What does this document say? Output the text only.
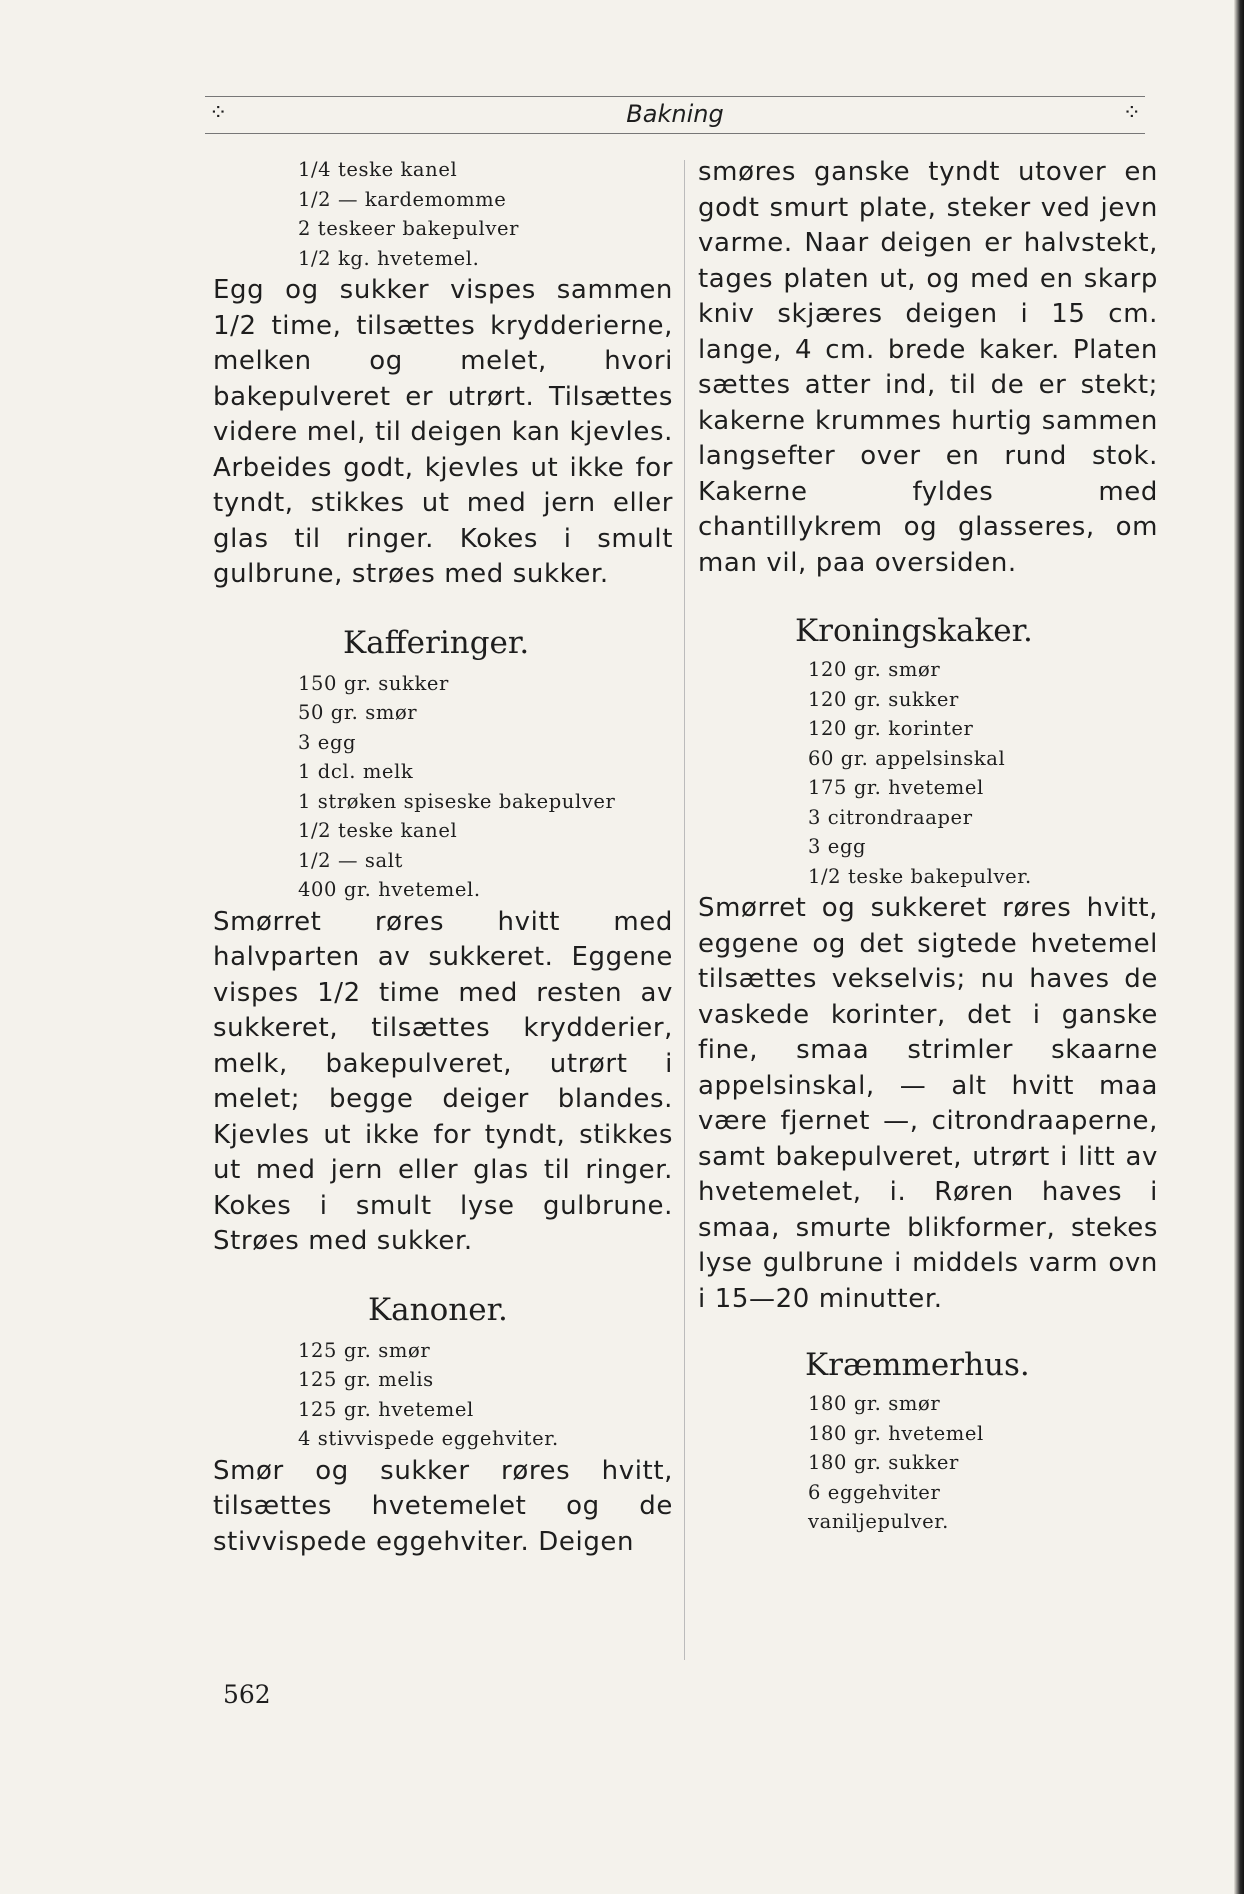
⁘	Bakning	⁘
1/4 teske kanel
1/2 — kardemomme
2 teskeer bakepulver
1/2 kg. hvetemel.
Egg og sukker vispes sammen 1/2 time, tilsættes krydderierne, melken og melet, hvori bakepulveret er utrørt. Tilsættes videre mel, til deigen kan kjevles. Arbeides godt, kjevles ut ikke for tyndt, stikkes ut med jern eller glas til ringer. Kokes i smult gulbrune, strøes med sukker.
Kafferinger.
150 gr. sukker
50 gr. smør
3 egg
1 dcl. melk
1 strøken spiseske bakepulver
1/2 teske kanel
1/2 — salt
400 gr. hvetemel.
Smørret røres hvitt med halvparten av sukkeret. Eggene vispes 1/2 time med resten av sukkeret, tilsættes krydderier, melk, bakepulveret, utrørt i melet; begge deiger blandes. Kjevles ut ikke for tyndt, stikkes ut med jern eller glas til ringer. Kokes i smult lyse gulbrune. Strøes med sukker.
Kanoner.
125 gr. smør
125 gr. melis
125 gr. hvetemel
4 stivvispede eggehviter.
Smør og sukker røres hvitt, tilsættes hvetemelet og de stivvispede eggehviter. Deigen
smøres ganske tyndt utover en godt smurt plate, steker ved jevn varme. Naar deigen er halvstekt, tages platen ut, og med en skarp kniv skjæres deigen i 15 cm. lange, 4 cm. brede kaker. Platen sættes atter ind, til de er stekt; kakerne krummes hurtig sammen langsefter over en rund stok. Kakerne fyldes med chantillykrem og glasseres, om man vil, paa oversiden.
Kroningskaker.
120 gr. smør
120 gr. sukker
120 gr. korinter
60 gr. appelsinskal
175 gr. hvetemel
3 citrondraaper
3 egg
1/2 teske bakepulver.
Smørret og sukkeret røres hvitt, eggene og det sigtede hvetemel tilsættes vekselvis; nu haves de vaskede korinter, det i ganske fine, smaa strimler skaarne appelsinskal, — alt hvitt maa være fjernet —, citrondraaperne, samt bakepulveret, utrørt i litt av hvetemelet, i. Røren haves i smaa, smurte blikformer, stekes lyse gulbrune i middels varm ovn i 15—20 minutter.
Kræmmerhus.
180 gr. smør
180 gr. hvetemel
180 gr. sukker
6 eggehviter
vaniljepulver.
562
